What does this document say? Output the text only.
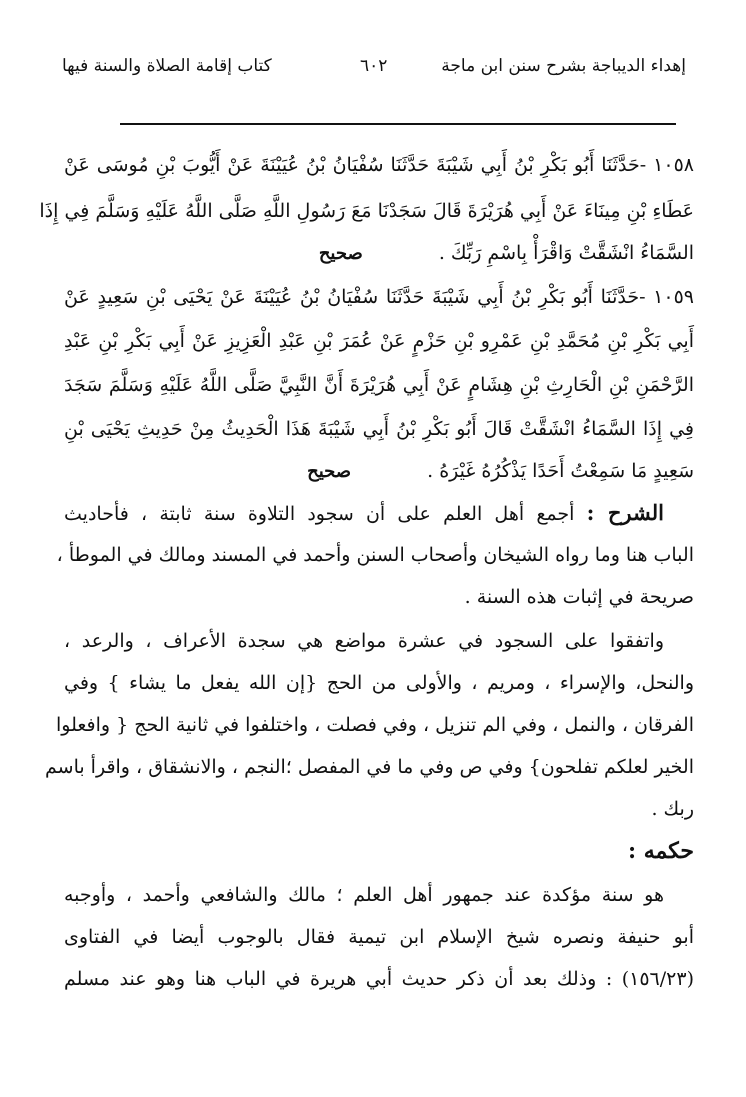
إهداء الديباجة بشرح سنن ابن ماجة
٦٠٢
كتاب إقامة الصلاة والسنة فيها
١٠٥٨ -حَدَّثَنَا أَبُو بَكْرِ بْنُ أَبِي شَيْبَةَ حَدَّثَنَا سُفْيَانُ بْنُ عُيَيْنَةَ عَنْ أَيُّوبَ بْنِ مُوسَى عَنْ
عَطَاءِ بْنِ مِينَاءَ عَنْ أَبِي هُرَيْرَةَ قَالَ سَجَدْنَا مَعَ رَسُولِ اللَّهِ صَلَّى اللَّهُ عَلَيْهِ وَسَلَّمَ فِي إِذَا
السَّمَاءُ انْشَقَّتْ وَاقْرَأْ بِاسْمِ رَبِّكَ . صحيح
١٠٥٩ -حَدَّثَنَا أَبُو بَكْرِ بْنُ أَبِي شَيْبَةَ حَدَّثَنَا سُفْيَانُ بْنُ عُيَيْنَةَ عَنْ يَحْيَى بْنِ سَعِيدٍ عَنْ
أَبِي بَكْرِ بْنِ مُحَمَّدِ بْنِ عَمْرِو بْنِ حَزْمٍ عَنْ عُمَرَ بْنِ عَبْدِ الْعَزِيزِ عَنْ أَبِي بَكْرِ بْنِ عَبْدِ
الرَّحْمَنِ بْنِ الْحَارِثِ بْنِ هِشَامٍ عَنْ أَبِي هُرَيْرَةَ أَنَّ النَّبِيَّ صَلَّى اللَّهُ عَلَيْهِ وَسَلَّمَ سَجَدَ
فِي إِذَا السَّمَاءُ انْشَقَّتْ قَالَ أَبُو بَكْرِ بْنُ أَبِي شَيْبَةَ هَذَا الْحَدِيثُ مِنْ حَدِيثِ يَحْيَى بْنِ
سَعِيدٍ مَا سَمِعْتُ أَحَدًا يَذْكُرُهُ غَيْرَهُ . صحيح
الشرح : أجمع أهل العلم على أن سجود التلاوة سنة ثابتة ، فأحاديث
الباب هنا وما رواه الشيخان وأصحاب السنن وأحمد في المسند ومالك في الموطأ ،
صريحة في إثبات هذه السنة .
واتفقوا على السجود في عشرة مواضع هي سجدة الأعراف ، والرعد ،
والنحل، والإسراء ، ومريم ، والأولى من الحج {إن الله يفعل ما يشاء } وفي
الفرقان ، والنمل ، وفي الم تنزيل ، وفي فصلت ، واختلفوا في ثانية الحج { وافعلوا
الخير لعلكم تفلحون} وفي ص وفي ما في المفصل ؛النجم ، والانشقاق ، واقرأ باسم
ربك .
حكمه :
هو سنة مؤكدة عند جمهور أهل العلم ؛ مالك والشافعي وأحمد ، وأوجبه
أبو حنيفة ونصره شيخ الإسلام ابن تيمية فقال بالوجوب أيضا في الفتاوى
(١٥٦/٢٣) : وذلك بعد أن ذكر حديث أبي هريرة في الباب هنا وهو عند مسلم
